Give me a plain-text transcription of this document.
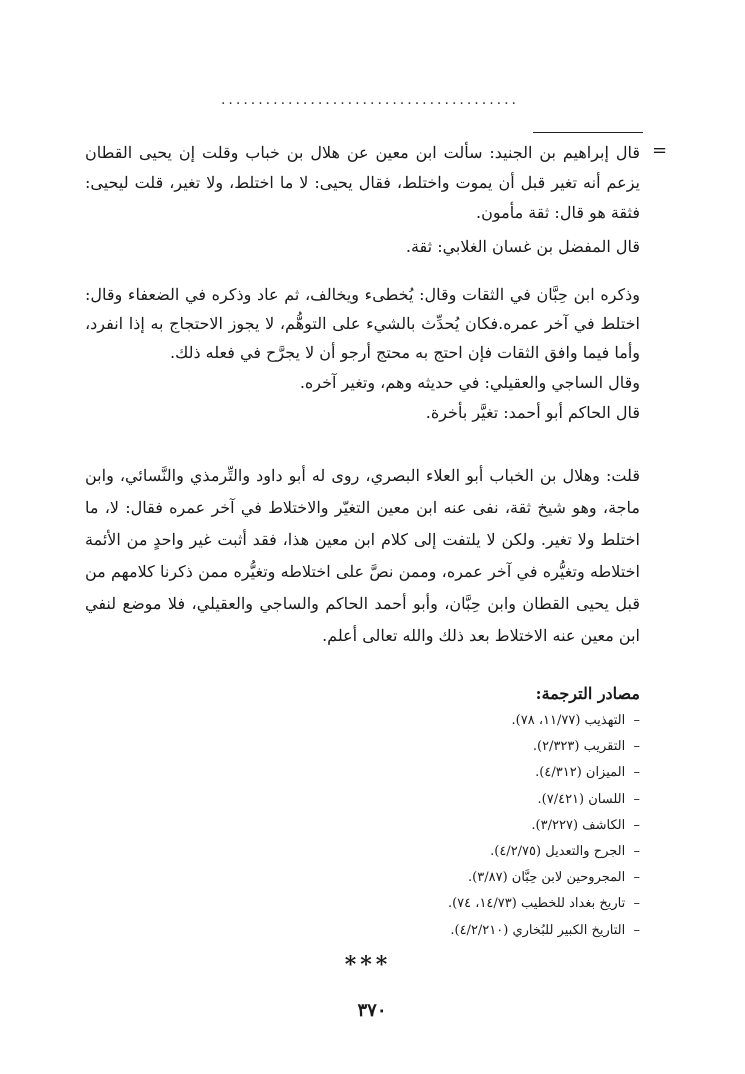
........................................
=

قال إبراهيم بن الجنيد: سألت ابن معين عن هلال بن خباب وقلت إن يحيى القطان يزعم أنه تغير قبل أن يموت واختلط، فقال يحيى: لا ما اختلط، ولا تغير، قلت ليحيى: فثقة هو قال: ثقة مأمون.

قال المفضل بن غسان الغلابي: ثقة.

وذكره ابن حِبَّان في الثقات وقال: يُخطىء ويخالف، ثم عاد وذكره في الضعفاء وقال: اختلط في آخر عمره.فكان يُحدِّث بالشيء على التوهُّم، لا يجوز الاحتجاج به إذا انفرد، وأما فيما وافق الثقات فإن احتج به محتج أرجو أن لا يجرَّح في فعله ذلك.

وقال الساجي والعقيلي: في حديثه وهم، وتغير آخره.

قال الحاكم أبو أحمد: تغيَّر بأخرة.

قلت: وهلال بن الخباب أبو العلاء البصري، روى له أبو داود والتِّرمذي والنَّسائي، وابن ماجة، وهو شيخ ثقة، نفى عنه ابن معين التغيّر والاختلاط في آخر عمره فقال: لا، ما اختلط ولا تغير. ولكن لا يلتفت إلى كلام ابن معين هذا، فقد أثبت غير واحدٍ من الأئمة اختلاطه وتغيُّره في آخر عمره، وممن نصَّ على اختلاطه وتغيُّره ممن ذكرنا كلامهم من قبل يحيى القطان وابن حِبَّان، وأبو أحمد الحاكم والساجي والعقيلي، فلا موضع لنفي ابن معين عنه الاختلاط بعد ذلك والله تعالى أعلم.

مصادر الترجمة:
–  التهذيب (١١/٧٧، ٧٨).
–  التقريب (٢/٣٢٣).
–  الميزان (٤/٣١٢).
–  اللسان (٧/٤٢١).
–  الكاشف (٣/٢٢٧).
–  الجرح والتعديل (٤/٢/٧٥).
–  المجروحين لابن حِبَّان (٣/٨٧).
–  تاريخ بغداد للخطيب (١٤/٧٣، ٧٤).
–  التاريخ الكبير للبُخاري (٤/٢/٢١٠).
***
٣٧٠
